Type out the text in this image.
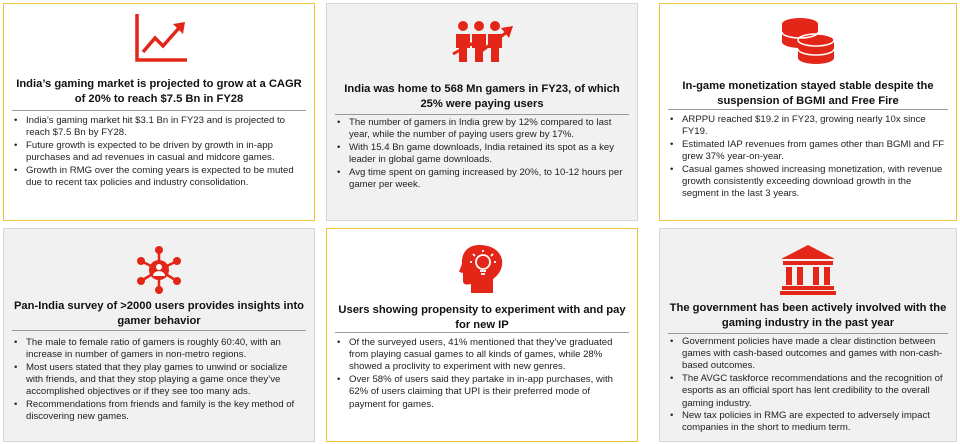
India’s gaming market is projected to grow at a CAGR of 20% to reach $7.5 Bn in FY28
• India’s gaming market hit $3.1 Bn in FY23 and is projected to reach $7.5 Bn by FY28.
• Future growth is expected to be driven by growth in in-app purchases and ad revenues in casual and midcore games.
• Growth in RMG over the coming years is expected to be muted due to recent tax policies and industry consolidation.
India was home to 568 Mn gamers in FY23, of which 25% were paying users
• The number of gamers in India grew by 12% compared to last year, while the number of paying users grew by 17%.
• With 15.4 Bn game downloads, India retained its spot as a key leader in global game downloads.
• Avg time spent on gaming increased by 20%, to 10-12 hours per gamer per week.
In-game monetization stayed stable despite the suspension of BGMI and Free Fire
• ARPPU reached $19.2 in FY23, growing nearly 10x since FY19.
• Estimated IAP revenues from games other than BGMI and FF grew 37% year-on-year.
• Casual games showed increasing monetization, with revenue growth consistently exceeding download growth in the segment in the last 3 years.
Pan-India survey of >2000 users provides insights into gamer behavior
• The male to female ratio of gamers is roughly 60:40, with an increase in number of gamers in non-metro regions.
• Most users stated that they play games to unwind or socialize with friends, and that they stop playing a game once they’ve accomplished objectives or if they see too many ads.
• Recommendations from friends and family is the key method of discovering new games.
Users showing propensity to experiment with and pay for new IP
• Of the surveyed users, 41% mentioned that they’ve graduated from playing casual games to all kinds of games, while 28% showed a proclivity to experiment with new genres.
• Over 58% of users said they partake in in-app purchases, with 62% of users claiming that UPI is their preferred mode of payment for games.
The government has been actively involved with the gaming industry in the past year
• Government policies have made a clear distinction between games with cash-based outcomes and games with non-cash-based outcomes.
• The AVGC taskforce recommendations and the recognition of esports as an official sport has lent credibility to the overall gaming industry.
• New tax policies in RMG are expected to adversely impact companies in the short to medium term.
